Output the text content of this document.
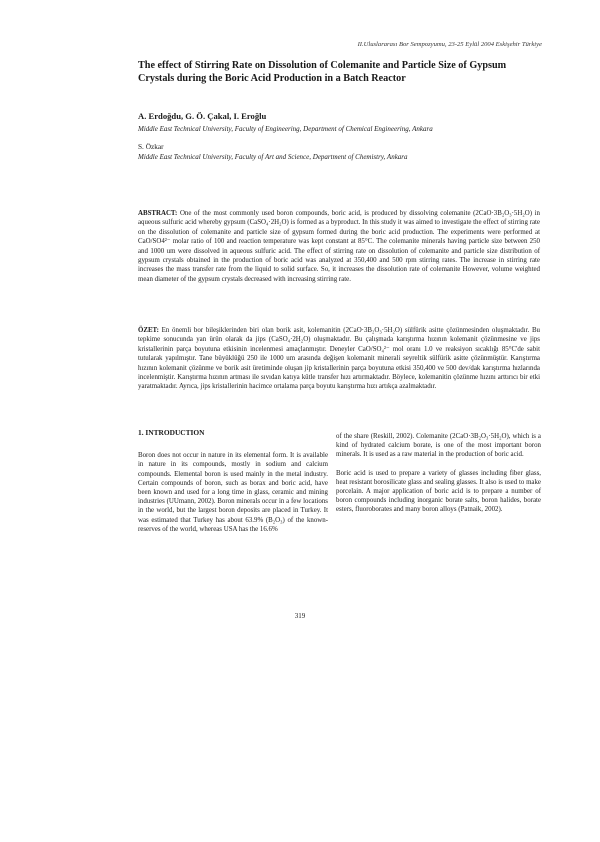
II.Uluslararası Bor Sempozyumu, 23-25 Eylül 2004 Eskişehir Türkiye
The effect of Stirring Rate on Dissolution of Colemanite and Particle Size of Gypsum Crystals during the Boric Acid Production in a Batch Reactor
A. Erdoğdu, G. Ö. Çakal, I. Eroğlu
Middle East Technical University, Faculty of Engineering, Department of Chemical Engineering, Ankara
S. Özkar
Middle East Technical University, Faculty of Art and Science, Department of Chemistry, Ankara
ABSTRACT: One of the most commonly used boron compounds, boric acid, is produced by dissolving colemanite (2CaO·3B₂O₃·5H₂O) in aqueous sulfuric acid whereby gypsum (CaSO₄·2H₂O) is formed as a byproduct. In this study it was aimed to investigate the effect of stirring rate on the dissolution of colemanite and particle size of gypsum formed during the boric acid production. The experiments were performed at CaO/SO4²⁻ molar ratio of 100 and reaction temperature was kept constant at 85°C. The colemanite minerals having particle size between 250 and 1000 um were dissolved in aqueous sulfuric acid. The effect of stirring rate on dissolution of colemanite and particle size distribution of gypsum crystals obtained in the production of boric acid was analyzed at 350,400 and 500 rpm stirring rates. The increase in stirring rate increases the mass transfer rate from the liquid to solid surface. So, it increases the dissolution rate of colemanite However, volume weighted mean diameter of the gypsum crystals decreased with increasing stirring rate.
ÖZET: En önemli bor bileşiklerinden biri olan borik asit, kolemanitin (2CaO·3B₂O₃·5H₂O) sülfürik asitte çözünmesinden oluşmaktadır. Bu tepkime sonucunda yan ürün olarak da jips (CaSO₄·2H₂O) oluşmaktadır. Bu çalışmada karıştırma hızının kolemanit çözünmesine ve jips kristallerinin parça boyutuna etkisinin incelenmesi amaçlanmıştır. Deneyler CaO/SO₄²⁻ mol oranı 1.0 ve reaksiyon sıcaklığı 85°C'de sabit tutularak yapılmıştır. Tane büyüklüğü 250 ile 1000 um arasında değişen kolemanit minerali seyreltik sülfürik asitte çözünmüştür. Karıştırma hızının kolemanit çözünme ve borik asit üretiminde oluşan jip kristallerinin parça boyutuna etkisi 350,400 ve 500 dev/dak karıştırma hızlarında incelenmiştir. Karıştırma hızının artması ile sıvıdan katıya kütle transfer hızı artırmaktadır. Böylece, kolemanitin çözünme hızını arttırıcı bir etki yaratmaktadır. Ayrıca, jips kristallerinin hacimce ortalama parça boyutu karıştırma hızı artıkça azalmaktadır.
1. INTRODUCTION

Boron does not occur in nature in its elemental form. It is available in nature in its compounds, mostly in sodium and calcium compounds. Elemental boron is used mainly in the metal industry. Certain compounds of boron, such as borax and boric acid, have been known and used for a long time in glass, ceramic and mining industries (UUmann, 2002). Boron minerals occur in a few locations in the world, but the largest boron deposits are placed in Turkey. It was estimated that Turkey has about 63.9% (B₂O₃) of the known-reserves of the world, whereas USA has the 16.6%

of the share (Reskill, 2002). Colemanite (2CaO·3B₂O₃·5H₂O), which is a kind of hydrated calcium borate, is one of the most important boron minerals. It is used as a raw material in the production of boric acid.

Boric acid is used to prepare a variety of glasses including fiber glass, heat resistant borosilicate glass and sealing glasses. It also is used to make porcelain. A major application of boric acid is to prepare a number of boron compounds including inorganic borate salts, boron halides, borate esters, fluoroborates and many boron alloys (Patnaik, 2002).

319
